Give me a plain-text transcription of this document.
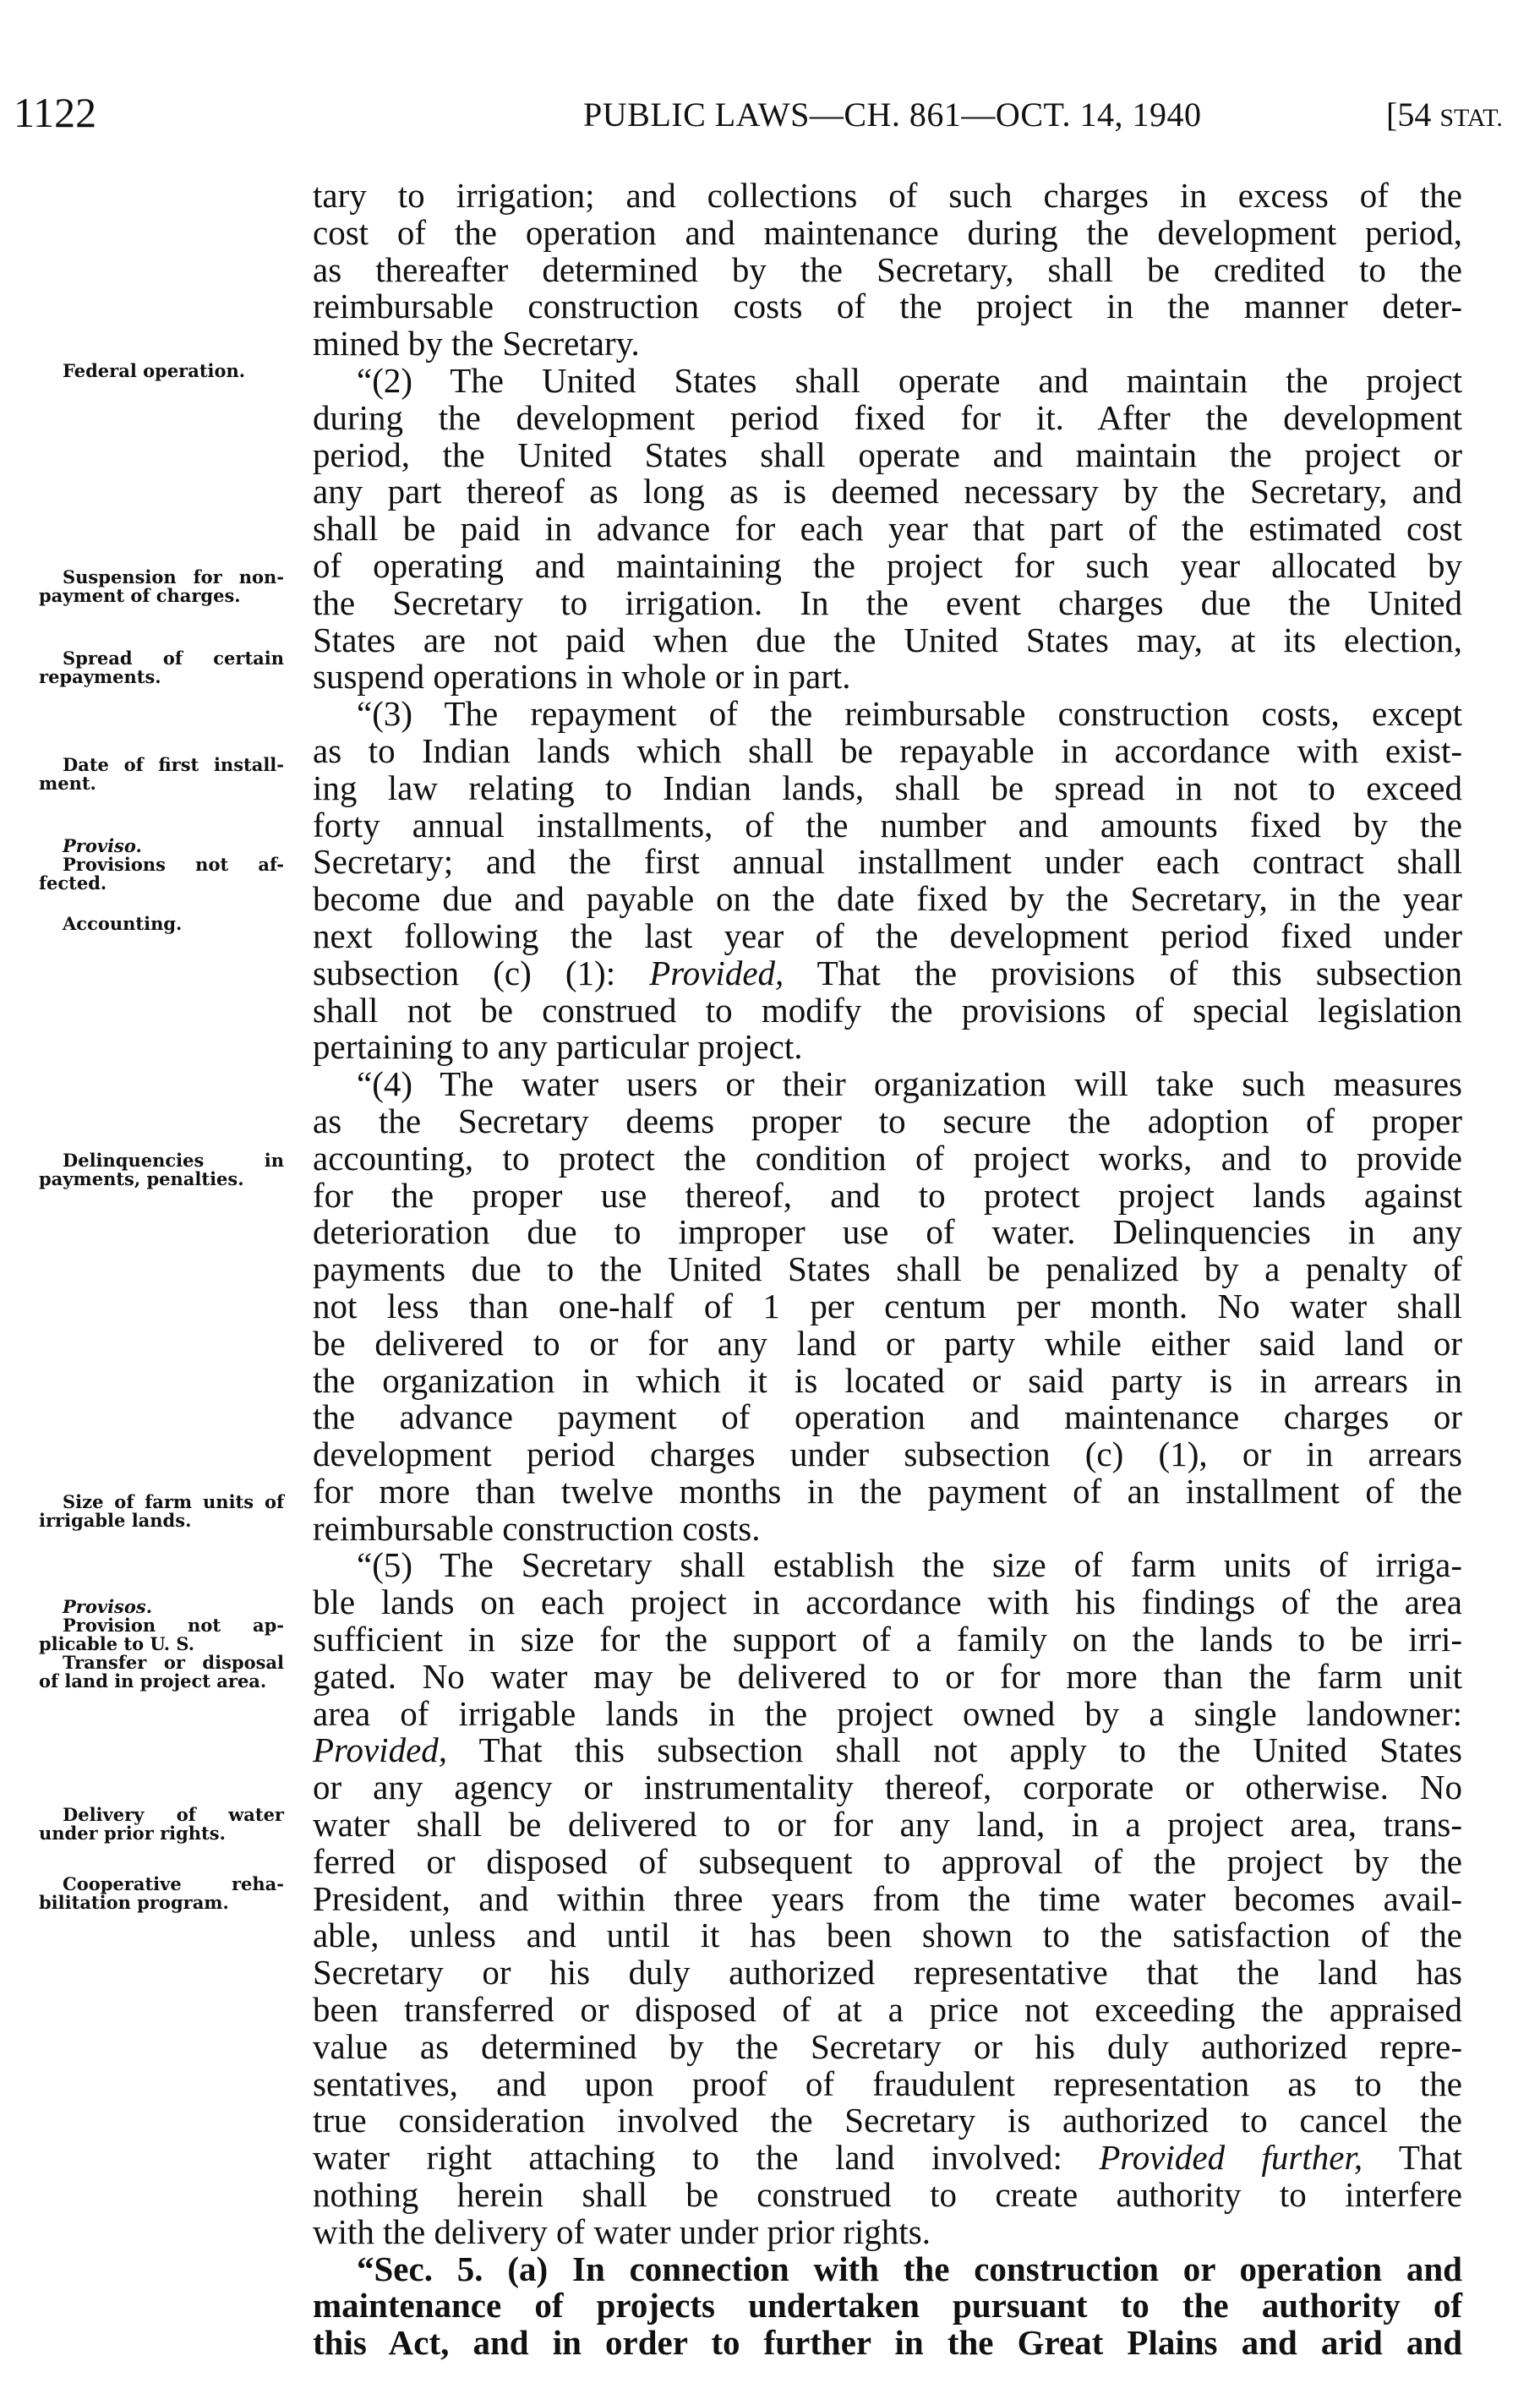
1122	PUBLIC LAWS—CH. 861—OCT. 14, 1940	[54 STAT.
Federal operation.
Suspension for non-
payment of charges.
Spread of certain
repayments.
Date of first install-
ment.
Proviso.
Provisions not af-
fected.
Accounting.
Delinquencies in
payments, penalties.
Size of farm units of
irrigable lands.
Provisos.
Provision not ap-
plicable to U. S.
Transfer or disposal
of land in project area.
Delivery of water
under prior rights.
Cooperative reha-
bilitation program.
tary to irrigation; and collections of such charges in excess of the
cost of the operation and maintenance during the development period,
as thereafter determined by the Secretary, shall be credited to the
reimbursable construction costs of the project in the manner deter-
mined by the Secretary.
“(2) The United States shall operate and maintain the project
during the development period fixed for it. After the development
period, the United States shall operate and maintain the project or
any part thereof as long as is deemed necessary by the Secretary, and
shall be paid in advance for each year that part of the estimated cost
of operating and maintaining the project for such year allocated by
the Secretary to irrigation. In the event charges due the United
States are not paid when due the United States may, at its election,
suspend operations in whole or in part.
“(3) The repayment of the reimbursable construction costs, except
as to Indian lands which shall be repayable in accordance with exist-
ing law relating to Indian lands, shall be spread in not to exceed
forty annual installments, of the number and amounts fixed by the
Secretary; and the first annual installment under each contract shall
become due and payable on the date fixed by the Secretary, in the year
next following the last year of the development period fixed under
subsection (c) (1): Provided, That the provisions of this subsection
shall not be construed to modify the provisions of special legislation
pertaining to any particular project.
“(4) The water users or their organization will take such measures
as the Secretary deems proper to secure the adoption of proper
accounting, to protect the condition of project works, and to provide
for the proper use thereof, and to protect project lands against
deterioration due to improper use of water. Delinquencies in any
payments due to the United States shall be penalized by a penalty of
not less than one-half of 1 per centum per month. No water shall
be delivered to or for any land or party while either said land or
the organization in which it is located or said party is in arrears in
the advance payment of operation and maintenance charges or
development period charges under subsection (c) (1), or in arrears
for more than twelve months in the payment of an installment of the
reimbursable construction costs.
“(5) The Secretary shall establish the size of farm units of irriga-
ble lands on each project in accordance with his findings of the area
sufficient in size for the support of a family on the lands to be irri-
gated. No water may be delivered to or for more than the farm unit
area of irrigable lands in the project owned by a single landowner:
Provided, That this subsection shall not apply to the United States
or any agency or instrumentality thereof, corporate or otherwise. No
water shall be delivered to or for any land, in a project area, trans-
ferred or disposed of subsequent to approval of the project by the
President, and within three years from the time water becomes avail-
able, unless and until it has been shown to the satisfaction of the
Secretary or his duly authorized representative that the land has
been transferred or disposed of at a price not exceeding the appraised
value as determined by the Secretary or his duly authorized repre-
sentatives, and upon proof of fraudulent representation as to the
true consideration involved the Secretary is authorized to cancel the
water right attaching to the land involved: Provided further, That
nothing herein shall be construed to create authority to interfere
with the delivery of water under prior rights.
“Sec. 5. (a) In connection with the construction or operation and
maintenance of projects undertaken pursuant to the authority of
this Act, and in order to further in the Great Plains and arid and
